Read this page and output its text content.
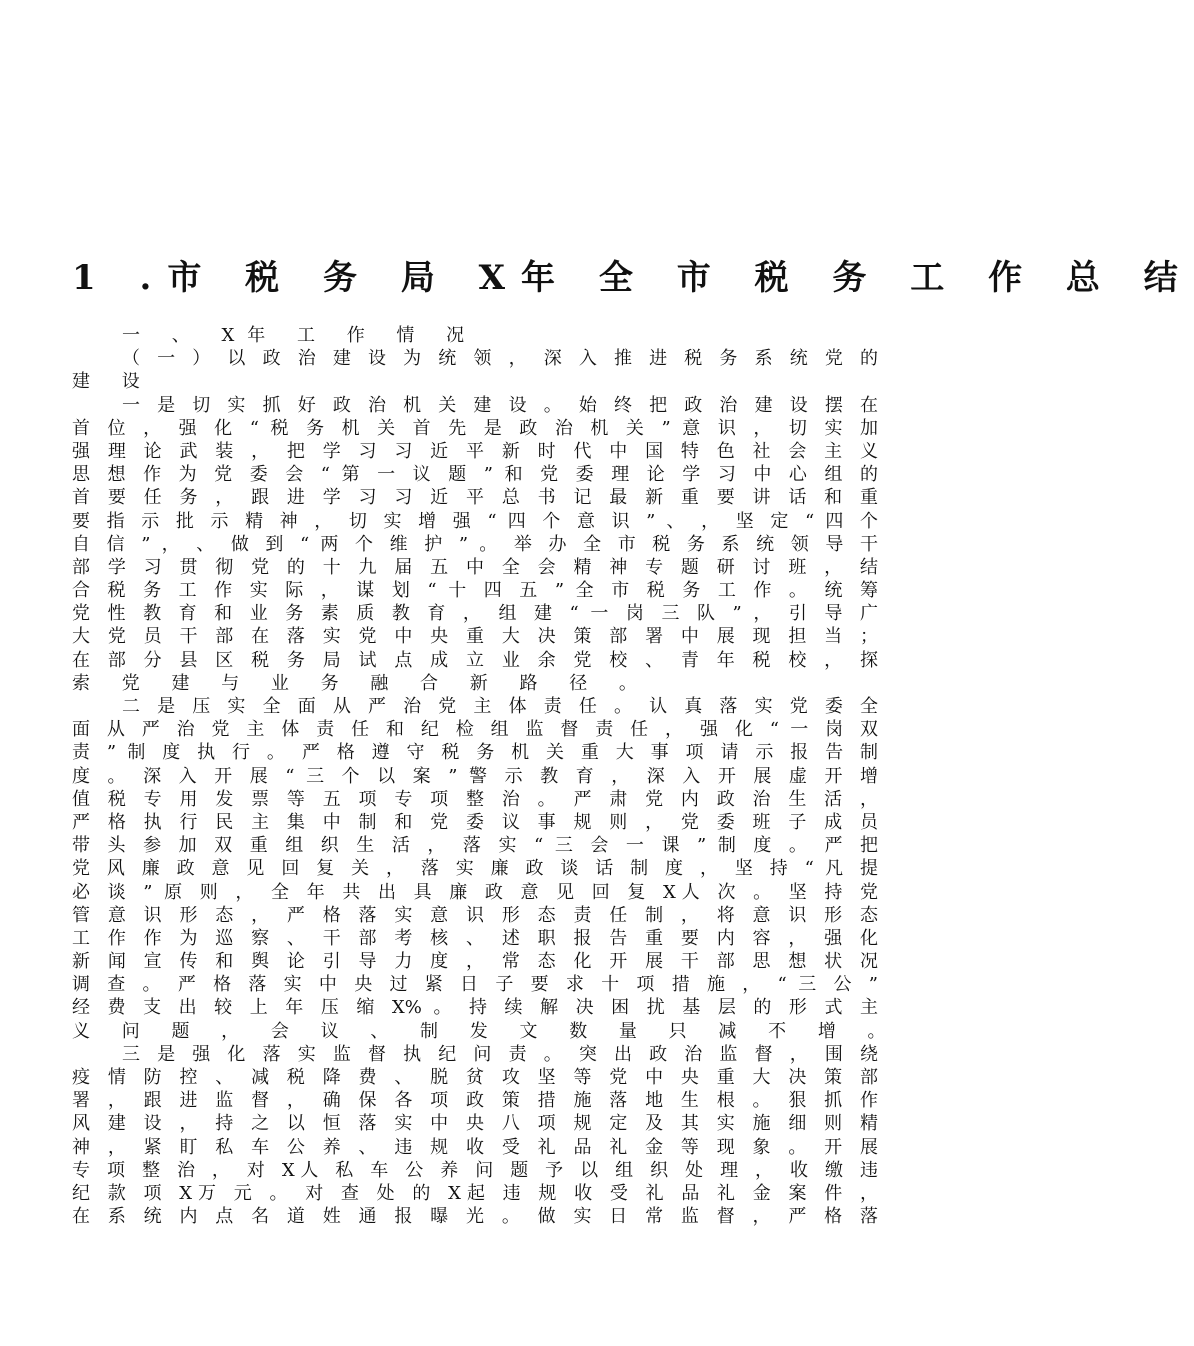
1 .市 税 务 局 X年 全 市 税 务 工 作 总 结
一 、 X年 工 作 情 况
（ 一 ） 以 政 治 建 设 为 统 领 ， 深 入 推 进 税 务 系 统 党 的
建 设
一 是 切 实 抓 好 政 治 机 关 建 设 。 始 终 把 政 治 建 设 摆 在
首 位 ， 强 化 “ 税 务 机 关 首 先 是 政 治 机 关 ” 意 识 ， 切 实 加
强 理 论 武 装 ， 把 学 习 习 近 平 新 时 代 中 国 特 色 社 会 主 义
思 想 作 为 党 委 会 “ 第 一 议 题 ” 和 党 委 理 论 学 习 中 心 组 的
首 要 任 务 ， 跟 进 学 习 习 近 平 总 书 记 最 新 重 要 讲 话 和 重
要 指 示 批 示 精 神 ， 切 实 增 强 “ 四 个 意 识 ” 、 ， 坚 定 “ 四 个
自 信 ” ， 、 做 到 “ 两 个 维 护 ” 。 举 办 全 市 税 务 系 统 领 导 干
部 学 习 贯 彻 党 的 十 九 届 五 中 全 会 精 神 专 题 研 讨 班 ， 结
合 税 务 工 作 实 际 ， 谋 划 “ 十 四 五 ” 全 市 税 务 工 作 。 统 筹
党 性 教 育 和 业 务 素 质 教 育 ， 组 建 “ 一 岗 三 队 ” ， 引 导 广
大 党 员 干 部 在 落 实 党 中 央 重 大 决 策 部 署 中 展 现 担 当 ；
在 部 分 县 区 税 务 局 试 点 成 立 业 余 党 校 、 青 年 税 校 ， 探
索 党 建 与 业 务 融 合 新 路 径 。
二 是 压 实 全 面 从 严 治 党 主 体 责 任 。 认 真 落 实 党 委 全
面 从 严 治 党 主 体 责 任 和 纪 检 组 监 督 责 任 ， 强 化 “ 一 岗 双
责 ” 制 度 执 行 。 严 格 遵 守 税 务 机 关 重 大 事 项 请 示 报 告 制
度 。 深 入 开 展 “ 三 个 以 案 ” 警 示 教 育 ， 深 入 开 展 虚 开 增
值 税 专 用 发 票 等 五 项 专 项 整 治 。 严 肃 党 内 政 治 生 活 ，
严 格 执 行 民 主 集 中 制 和 党 委 议 事 规 则 ， 党 委 班 子 成 员
带 头 参 加 双 重 组 织 生 活 ， 落 实 “ 三 会 一 课 ” 制 度 。 严 把
党 风 廉 政 意 见 回 复 关 ， 落 实 廉 政 谈 话 制 度 ， 坚 持 “ 凡 提
必 谈 ” 原 则 ， 全 年 共 出 具 廉 政 意 见 回 复 X人 次 。 坚 持 党
管 意 识 形 态 ， 严 格 落 实 意 识 形 态 责 任 制 ， 将 意 识 形 态
工 作 作 为 巡 察 、 干 部 考 核 、 述 职 报 告 重 要 内 容 ， 强 化
新 闻 宣 传 和 舆 论 引 导 力 度 ， 常 态 化 开 展 干 部 思 想 状 况
调 查 。 严 格 落 实 中 央 过 紧 日 子 要 求 十 项 措 施 ， “ 三 公 ”
经 费 支 出 较 上 年 压 缩 X% 。 持 续 解 决 困 扰 基 层 的 形 式 主
义 问 题 ， 会 议 、 制 发 文 数 量 只 减 不 增 。
三 是 强 化 落 实 监 督 执 纪 问 责 。 突 出 政 治 监 督 ， 围 绕
疫 情 防 控 、 减 税 降 费 、 脱 贫 攻 坚 等 党 中 央 重 大 决 策 部
署 ， 跟 进 监 督 ， 确 保 各 项 政 策 措 施 落 地 生 根 。 狠 抓 作
风 建 设 ， 持 之 以 恒 落 实 中 央 八 项 规 定 及 其 实 施 细 则 精
神 ， 紧 盯 私 车 公 养 、 违 规 收 受 礼 品 礼 金 等 现 象 。 开 展
专 项 整 治 ， 对 X人 私 车 公 养 问 题 予 以 组 织 处 理 ， 收 缴 违
纪 款 项 X万 元 。 对 查 处 的 X起 违 规 收 受 礼 品 礼 金 案 件 ，
在 系 统 内 点 名 道 姓 通 报 曝 光 。 做 实 日 常 监 督 ， 严 格 落
